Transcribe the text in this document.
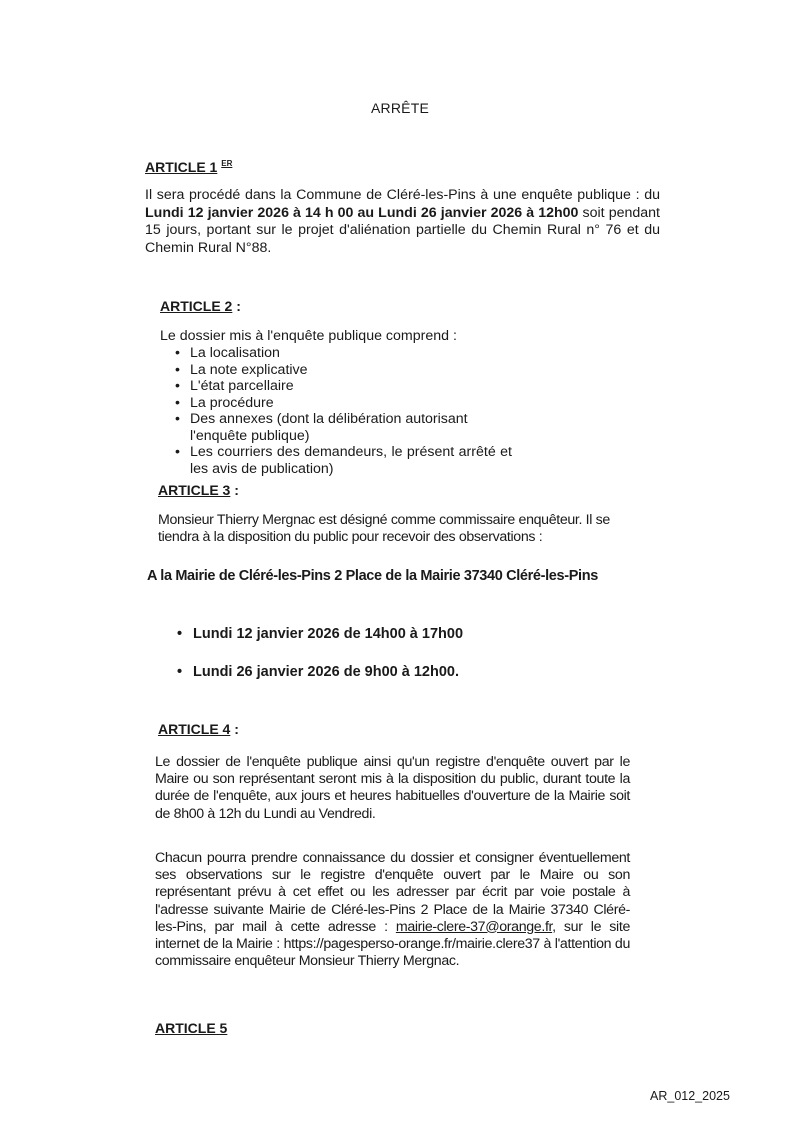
ARRÊTE
ARTICLE 1 $^{ER}$
Il sera procédé dans la Commune de Cléré-les-Pins à une enquête publique : du Lundi 12 janvier 2026 à 14 h 00 au Lundi 26 janvier 2026 à 12h00 soit pendant 15 jours, portant sur le projet d'aliénation partielle du Chemin Rural n° 76 et du Chemin Rural N°88.
ARTICLE 2 :
Le dossier mis à l'enquête publique comprend :
• La localisation
• La note explicative
• L'état parcellaire
• La procédure
• Des annexes (dont la délibération autorisant l'enquête publique)
• Les courriers des demandeurs, le présent arrêté et les avis de publication)
ARTICLE 3 :
Monsieur Thierry Mergnac est désigné comme commissaire enquêteur. Il se tiendra à la disposition du public pour recevoir des observations :
A la Mairie de Cléré-les-Pins 2 Place de la Mairie 37340 Cléré-les-Pins
• Lundi 12 janvier 2026 de 14h00 à 17h00
• Lundi 26 janvier 2026 de 9h00 à 12h00.
ARTICLE 4 :
Le dossier de l'enquête publique ainsi qu'un registre d'enquête ouvert par le Maire ou son représentant seront mis à la disposition du public, durant toute la durée de l'enquête, aux jours et heures habituelles d'ouverture de la Mairie soit de 8h00 à 12h du Lundi au Vendredi.
Chacun pourra prendre connaissance du dossier et consigner éventuellement ses observations sur le registre d'enquête ouvert par le Maire ou son représentant prévu à cet effet ou les adresser par écrit par voie postale à l'adresse suivante Mairie de Cléré-les-Pins 2 Place de la Mairie 37340 Cléré-les-Pins, par mail à cette adresse : mairie-clere-37@orange.fr, sur le site internet de la Mairie : https://pagesperso-orange.fr/mairie.clere37 à l'attention du commissaire enquêteur Monsieur Thierry Mergnac.
ARTICLE 5
AR_012_2025
